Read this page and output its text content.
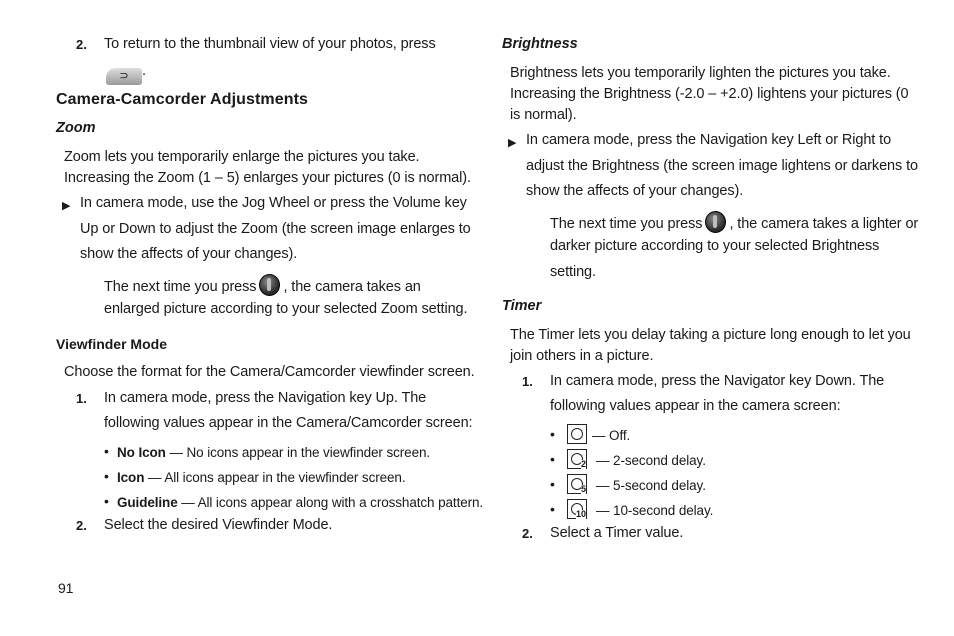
2. To return to the thumbnail view of your photos, press
⊃ .
Camera-Camcorder Adjustments
Zoom
Zoom lets you temporarily enlarge the pictures you take.
Increasing the Zoom (1 – 5) enlarges your pictures (0 is normal).
▶ In camera mode, use the Jog Wheel or press the Volume key
Up or Down to adjust the Zoom (the screen image enlarges to
show the affects of your changes).
The next time you press , the camera takes an
enlarged picture according to your selected Zoom setting.
Viewfinder Mode
Choose the format for the Camera/Camcorder viewfinder screen.
1. In camera mode, press the Navigation key Up. The
following values appear in the Camera/Camcorder screen:
• No Icon — No icons appear in the viewfinder screen.
• Icon — All icons appear in the viewfinder screen.
• Guideline — All icons appear along with a crosshatch pattern.
2. Select the desired Viewfinder Mode.
91
Brightness
Brightness lets you temporarily lighten the pictures you take.
Increasing the Brightness (-2.0 – +2.0) lightens your pictures (0
is normal).
▶ In camera mode, press the Navigation key Left or Right to
adjust the Brightness (the screen image lightens or darkens to
show the affects of your changes).
The next time you press , the camera takes a lighter or
darker picture according to your selected Brightness
setting.
Timer
The Timer lets you delay taking a picture long enough to let you
join others in a picture.
1. In camera mode, press the Navigator key Down. The
following values appear in the camera screen:
•	— Off.
•	2 — 2-second delay.
•	5 — 5-second delay.
• 10 — 10-second delay.
2. Select a Timer value.
